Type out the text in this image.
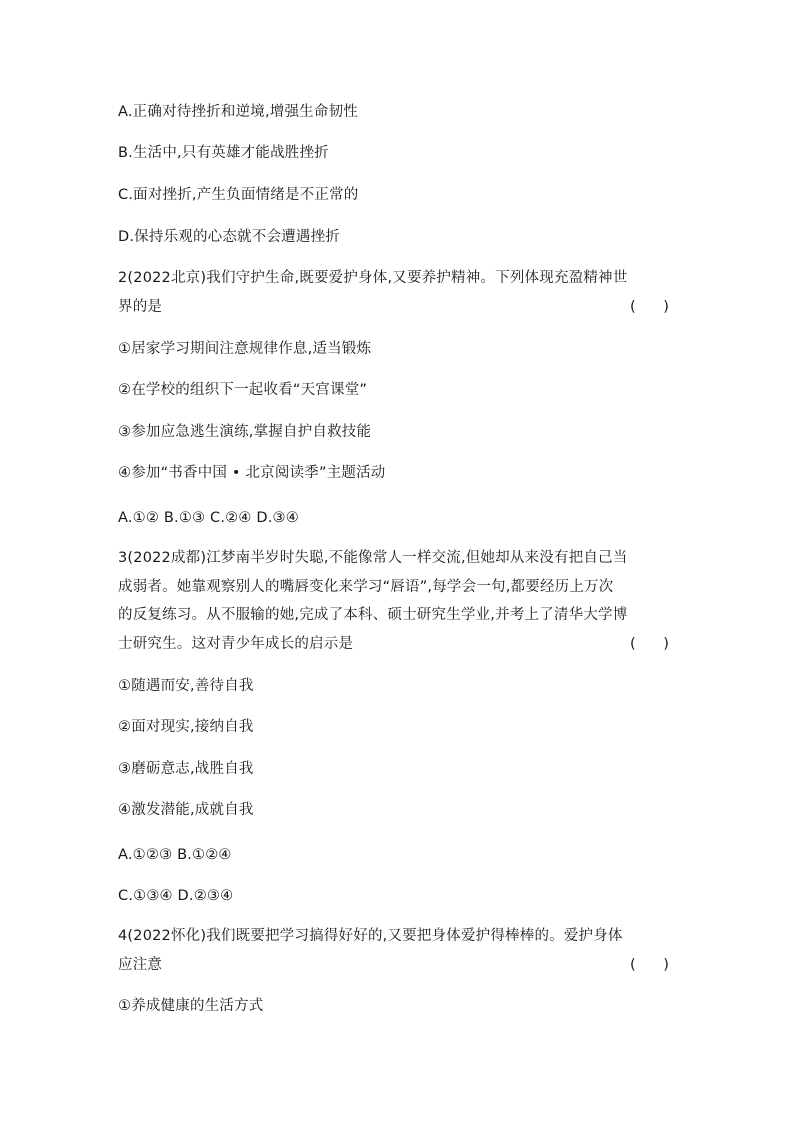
A.正确对待挫折和逆境,增强生命韧性
B.生活中,只有英雄才能战胜挫折
C.面对挫折,产生负面情绪是不正常的
D.保持乐观的心态就不会遭遇挫折
2(2022北京)我们守护生命,既要爱护身体,又要养护精神。下列体现充盈精神世
界的是	(      )
①居家学习期间注意规律作息,适当锻炼
②在学校的组织下一起收看“天宫课堂”
③参加应急逃生演练,掌握自护自救技能
④参加“书香中国 • 北京阅读季”主题活动
A.①② B.①③ C.②④ D.③④
3(2022成都)江梦南半岁时失聪,不能像常人一样交流,但她却从来没有把自己当
成弱者。她靠观察别人的嘴唇变化来学习“唇语”,每学会一句,都要经历上万次
的反复练习。从不服输的她,完成了本科、硕士研究生学业,并考上了清华大学博
士研究生。这对青少年成长的启示是	(      )
①随遇而安,善待自我
②面对现实,接纳自我
③磨砺意志,战胜自我
④激发潜能,成就自我
A.①②③ B.①②④
C.①③④ D.②③④
4(2022怀化)我们既要把学习搞得好好的,又要把身体爱护得棒棒的。爱护身体
应注意	(      )
①养成健康的生活方式
